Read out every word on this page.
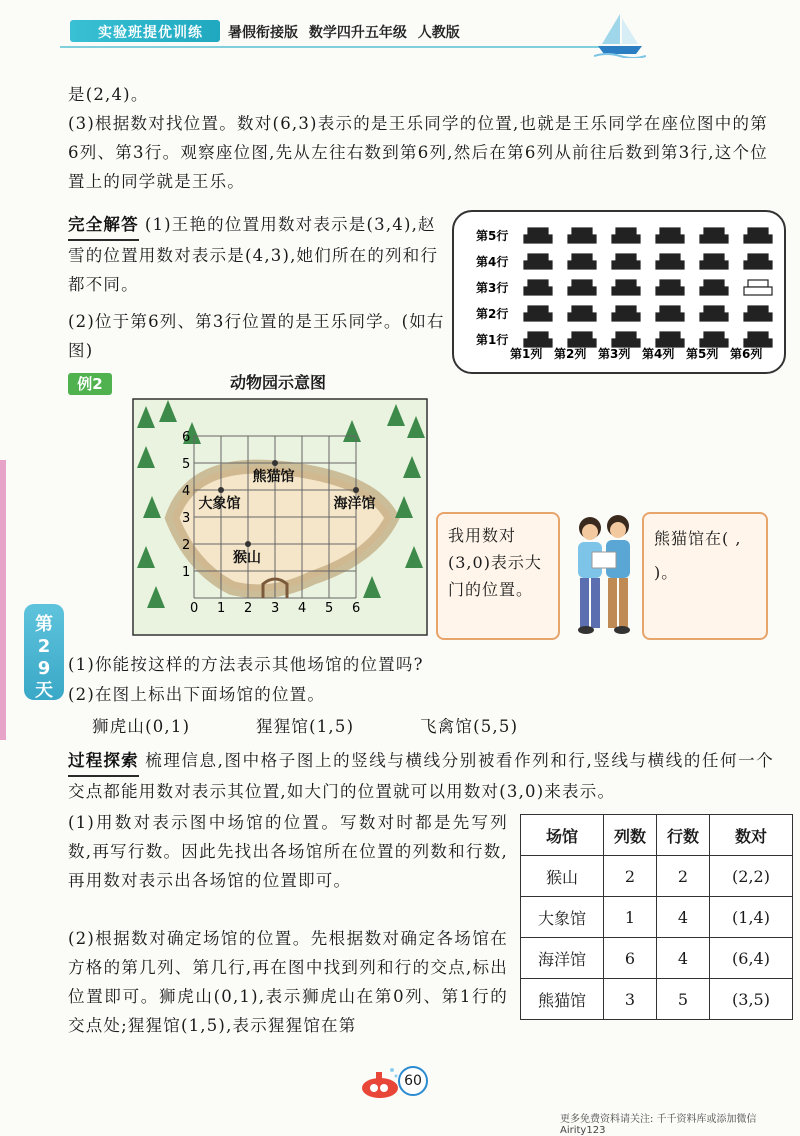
实验班提优训练 暑假衔接版 数学四升五年级 人教版
第29天
是(2,4)。
(3)根据数对找位置。数对(6,3)表示的是王乐同学的位置,也就是王乐同学在座位图中的第6列、第3行。观察座位图,先从左往右数到第6列,然后在第6列从前往后数到第3行,这个位置上的同学就是王乐。
完全解答 (1)王艳的位置用数对表示是(3,4),赵雪的位置用数对表示是(4,3),她们所在的列和行都不同。
(2)位于第6列、第3行位置的是王乐同学。(如右图)
第5行
第4行
第3行
第2行
第1行
第1列 第2列 第3列 第4列 第5列 第6列
例2	动物园示意图
0 1 2 3 4 5 6
1
2
3
4
5
6
熊猫馆
大象馆	海洋馆
猴山
我用数对(3,0)表示大门的位置。
熊猫馆在( , )。
(1)你能按这样的方法表示其他场馆的位置吗?
(2)在图上标出下面场馆的位置。
狮虎山(0,1)	猩猩馆(1,5)	飞禽馆(5,5)
过程探索 梳理信息,图中格子图上的竖线与横线分别被看作列和行,竖线与横线的任何一个交点都能用数对表示其位置,如大门的位置就可以用数对(3,0)来表示。
(1)用数对表示图中场馆的位置。写数对时都是先写列数,再写行数。因此先找出各场馆所在位置的列数和行数,再用数对表示出各场馆的位置即可。
(2)根据数对确定场馆的位置。先根据数对确定各场馆在方格的第几列、第几行,再在图中找到列和行的交点,标出位置即可。狮虎山(0,1),表示狮虎山在第0列、第1行的交点处;猩猩馆(1,5),表示猩猩馆在第
场馆	列数	行数	数对
猴山	2	2	(2,2)
大象馆	1	4	(1,4)
海洋馆	6	4	(6,4)
熊猫馆	3	5	(3,5)
60
更多免费资料请关注: 千千资料库或添加微信Airity123
